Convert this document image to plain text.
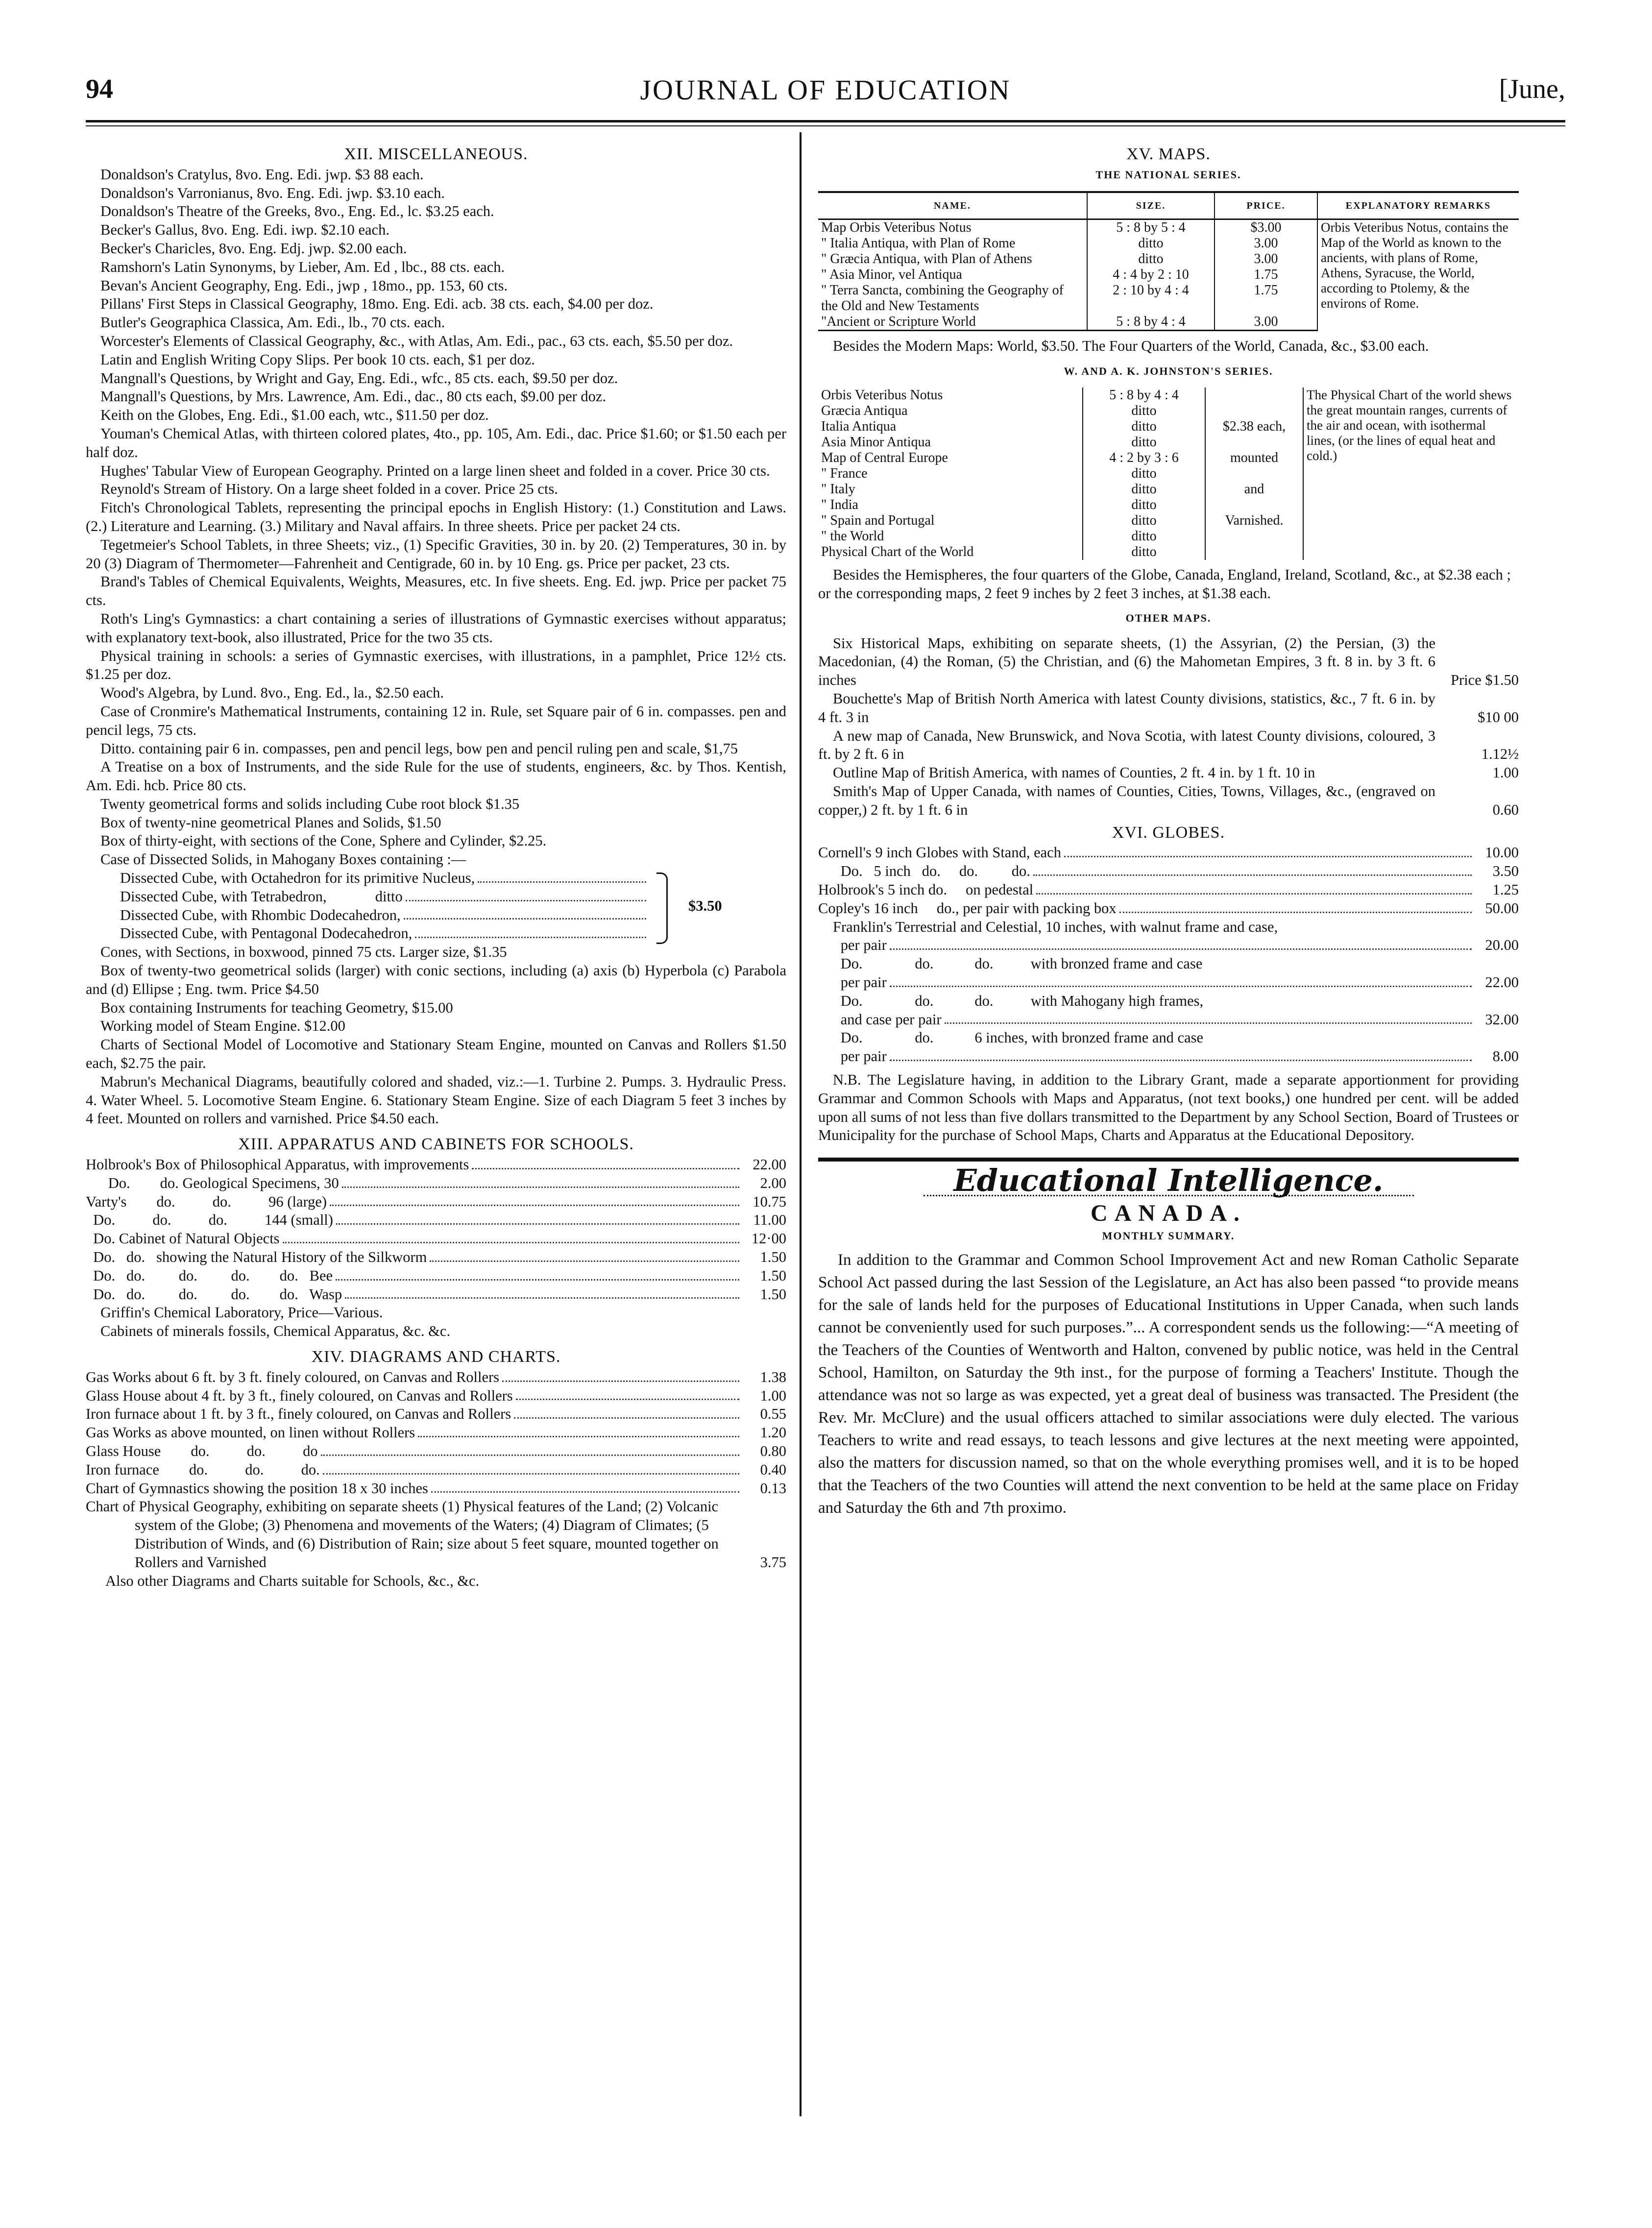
94	JOURNAL OF EDUCATION	[June,
XII. MISCELLANEOUS.

Donaldson's Cratylus, 8vo. Eng. Edi. jwp. $3 88 each.

Donaldson's Varronianus, 8vo. Eng. Edi. jwp. $3.10 each.

Donaldson's Theatre of the Greeks, 8vo., Eng. Ed., lc. $3.25 each.

Becker's Gallus, 8vo. Eng. Edi. iwp. $2.10 each.

Becker's Charicles, 8vo. Eng. Edj. jwp. $2.00 each.

Ramshorn's Latin Synonyms, by Lieber, Am. Ed , lbc., 88 cts. each.

Bevan's Ancient Geography, Eng. Edi., jwp , 18mo., pp. 153, 60 cts.

Pillans' First Steps in Classical Geography, 18mo. Eng. Edi. acb. 38 cts. each, $4.00 per doz.

Butler's Geographica Classica, Am. Edi., lb., 70 cts. each.

Worcester's Elements of Classical Geography, &c., with Atlas, Am. Edi., pac., 63 cts. each, $5.50 per doz.

Latin and English Writing Copy Slips. Per book 10 cts. each, $1 per doz.

Mangnall's Questions, by Wright and Gay, Eng. Edi., wfc., 85 cts. each, $9.50 per doz.

Mangnall's Questions, by Mrs. Lawrence, Am. Edi., dac., 80 cts each, $9.00 per doz.

Keith on the Globes, Eng. Edi., $1.00 each, wtc., $11.50 per doz.

Youman's Chemical Atlas, with thirteen colored plates, 4to., pp. 105, Am. Edi., dac. Price $1.60; or $1.50 each per half doz.

Hughes' Tabular View of European Geography. Printed on a large linen sheet and folded in a cover. Price 30 cts.

Reynold's Stream of History. On a large sheet folded in a cover. Price 25 cts.

Fitch's Chronological Tablets, representing the principal epochs in English History: (1.) Constitution and Laws. (2.) Literature and Learning. (3.) Military and Naval affairs. In three sheets. Price per packet 24 cts.

Tegetmeier's School Tablets, in three Sheets; viz., (1) Specific Gravities, 30 in. by 20. (2) Temperatures, 30 in. by 20 (3) Diagram of Thermometer—Fahrenheit and Centigrade, 60 in. by 10 Eng. gs. Price per packet, 23 cts.

Brand's Tables of Chemical Equivalents, Weights, Measures, etc. In five sheets. Eng. Ed. jwp. Price per packet 75 cts.

Roth's Ling's Gymnastics: a chart containing a series of illustrations of Gymnastic exercises without apparatus; with explanatory text-book, also illustrated, Price for the two 35 cts.

Physical training in schools: a series of Gymnastic exercises, with illustrations, in a pamphlet, Price 12½ cts. $1.25 per doz.

Wood's Algebra, by Lund. 8vo., Eng. Ed., la., $2.50 each.

Case of Cronmire's Mathematical Instruments, containing 12 in. Rule, set Square pair of 6 in. compasses. pen and pencil legs, 75 cts.

Ditto. containing pair 6 in. compasses, pen and pencil legs, bow pen and pencil ruling pen and scale, $1,75

A Treatise on a box of Instruments, and the side Rule for the use of students, engineers, &c. by Thos. Kentish, Am. Edi. hcb. Price 80 cts.

Twenty geometrical forms and solids including Cube root block $1.35

Box of twenty-nine geometrical Planes and Solids, $1.50

Box of thirty-eight, with sections of the Cone, Sphere and Cylinder, $2.25.

Case of Dissected Solids, in Mahogany Boxes containing :—

Dissected Cube, with Octahedron for its primitive Nucleus,
Dissected Cube, with Tetrabedron,             ditto
Dissected Cube, with Rhombic Dodecahedron,
Dissected Cube, with Pentagonal Dodecahedron,
$3.50

Cones, with Sections, in boxwood, pinned 75 cts. Larger size, $1.35

Box of twenty-two geometrical solids (larger) with conic sections, including (a) axis (b) Hyperbola (c) Parabola and (d) Ellipse ; Eng. twm. Price $4.50

Box containing Instruments for teaching Geometry, $15.00

Working model of Steam Engine. $12.00

Charts of Sectional Model of Locomotive and Stationary Steam Engine, mounted on Canvas and Rollers $1.50 each, $2.75 the pair.

Mabrun's Mechanical Diagrams, beautifully colored and shaded, viz.:—1. Turbine 2. Pumps. 3. Hydraulic Press. 4. Water Wheel. 5. Locomotive Steam Engine. 6. Stationary Steam Engine. Size of each Diagram 5 feet 3 inches by 4 feet. Mounted on rollers and varnished. Price $4.50 each.

XIII. APPARATUS AND CABINETS FOR SCHOOLS.
Holbrook's Box of Philosophical Apparatus, with improvements	22.00
Do.        do. Geological Specimens, 30	2.00
Varty's        do.          do.          96 (large)	10.75
Do.          do.          do.          144 (small)	11.00
Do. Cabinet of Natural Objects	12·00
Do.   do.   showing the Natural History of the Silkworm	1.50
Do.   do.         do.         do.        do.   Bee	1.50
Do.   do.         do.         do.        do.   Wasp	1.50

Griffin's Chemical Laboratory, Price—Various.

Cabinets of minerals fossils, Chemical Apparatus, &c. &c.

XIV. DIAGRAMS AND CHARTS.
Gas Works about 6 ft. by 3 ft. finely coloured, on Canvas and Rollers	1.38
Glass House about 4 ft. by 3 ft., finely coloured, on Canvas and Rollers	1.00
Iron furnace about 1 ft. by 3 ft., finely coloured, on Canvas and Rollers	0.55
Gas Works as above mounted, on linen without Rollers	1.20
Glass House        do.          do.          do	0.80
Iron furnace        do.          do.          do.	0.40
Chart of Gymnastics showing the position 18 x 30 inches	0.13
Chart of Physical Geography, exhibiting on separate sheets (1) Physical features of the Land; (2) Volcanic system of the Globe; (3) Phenomena and movements of the Waters; (4) Diagram of Climates; (5 Distribution of Winds, and (6) Distribution of Rain; size about 5 feet square, mounted together on Rollers and Varnished	3.75

Also other Diagrams and Charts suitable for Schools, &c., &c.

XV. MAPS.
THE NATIONAL SERIES.
NAME.	SIZE.	PRICE.	EXPLANATORY REMARKS
Map Orbis Veteribus Notus	5 : 8 by 5 : 4	$3.00	Orbis Veteribus Notus, contains the Map of the World as known to the ancients, with plans of Rome, Athens, Syracuse, the World, according to Ptolemy, & the environs of Rome.
" Italia Antiqua, with Plan of Rome	ditto	3.00	
" Græcia Antiqua, with Plan of Athens	ditto	3.00	
" Asia Minor, vel Antiqua	4 : 4 by 2 : 10	1.75	
" Terra Sancta, combining the Geography of the Old and New Testaments	2 : 10 by 4 : 4	1.75	
"Ancient or Scripture World	5 : 8 by 4 : 4	3.00	

Besides the Modern Maps: World, $3.50. The Four Quarters of the World, Canada, &c., $3.00 each.

W. AND A. K. JOHNSTON'S SERIES.
Orbis Veteribus Notus	5 : 8 by 4 : 4		The Physical Chart of the world shews the great mountain ranges, currents of the air and ocean, with isothermal lines, (or the lines of equal heat and cold.)
Græcia Antiqua	ditto		
Italia Antiqua	ditto	$2.38 each,	
Asia Minor Antiqua	ditto		
Map of Central Europe	4 : 2 by 3 : 6	mounted	
" France	ditto		
" Italy	ditto	and	
" India	ditto		
" Spain and Portugal	ditto	Varnished.	
" the World	ditto		
Physical Chart of the World	ditto		

Besides the Hemispheres, the four quarters of the Globe, Canada, England, Ireland, Scotland, &c., at $2.38 each ; or the corresponding maps, 2 feet 9 inches by 2 feet 3 inches, at $1.38 each.

OTHER MAPS.
Six Historical Maps, exhibiting on separate sheets, (1) the Assyrian, (2) the Persian, (3) the Macedonian, (4) the Roman, (5) the Christian, and (6) the Mahometan Empires, 3 ft. 8 in. by 3 ft. 6 inches	Price $1.50
Bouchette's Map of British North America with latest County divisions, statistics, &c., 7 ft. 6 in. by 4 ft. 3 in	$10 00
A new map of Canada, New Brunswick, and Nova Scotia, with latest County divisions, coloured, 3 ft. by 2 ft. 6 in	1.12½
Outline Map of British America, with names of Counties, 2 ft. 4 in. by 1 ft. 10 in	1.00
Smith's Map of Upper Canada, with names of Counties, Cities, Towns, Villages, &c., (engraved on copper,) 2 ft. by 1 ft. 6 in	0.60
XVI. GLOBES.
Cornell's 9 inch Globes with Stand, each	10.00
Do.   5 inch   do.     do.         do.	3.50
Holbrook's 5 inch do.     on pedestal	1.25
Copley's 16 inch     do., per pair with packing box	50.00

Franklin's Terrestrial and Celestial, 10 inches, with walnut frame and case,

per pair	20.00
Do.              do.           do.          with bronzed frame and case
per pair	22.00
Do.              do.           do.          with Mahogany high frames,
and case per pair	32.00
Do.              do.           6 inches, with bronzed frame and case
per pair	8.00

N.B. The Legislature having, in addition to the Library Grant, made a separate apportionment for providing Grammar and Common Schools with Maps and Apparatus, (not text books,) one hundred per cent. will be added upon all sums of not less than five dollars transmitted to the Department by any School Section, Board of Trustees or Municipality for the purchase of School Maps, Charts and Apparatus at the Educational Depository.

Educational Intelligence.
CANADA.
MONTHLY SUMMARY.

In addition to the Grammar and Common School Improvement Act and new Roman Catholic Separate School Act passed during the last Session of the Legislature, an Act has also been passed “to provide means for the sale of lands held for the purposes of Educational Institutions in Upper Canada, when such lands cannot be conveniently used for such purposes.”... A correspondent sends us the following:—“A meeting of the Teachers of the Counties of Wentworth and Halton, convened by public notice, was held in the Central School, Hamilton, on Saturday the 9th inst., for the purpose of forming a Teachers' Institute. Though the attendance was not so large as was expected, yet a great deal of business was transacted. The President (the Rev. Mr. McClure) and the usual officers attached to similar associations were duly elected. The various Teachers to write and read essays, to teach lessons and give lectures at the next meeting were appointed, also the matters for discussion named, so that on the whole everything promises well, and it is to be hoped that the Teachers of the two Counties will attend the next convention to be held at the same place on Friday and Saturday the 6th and 7th proximo.
